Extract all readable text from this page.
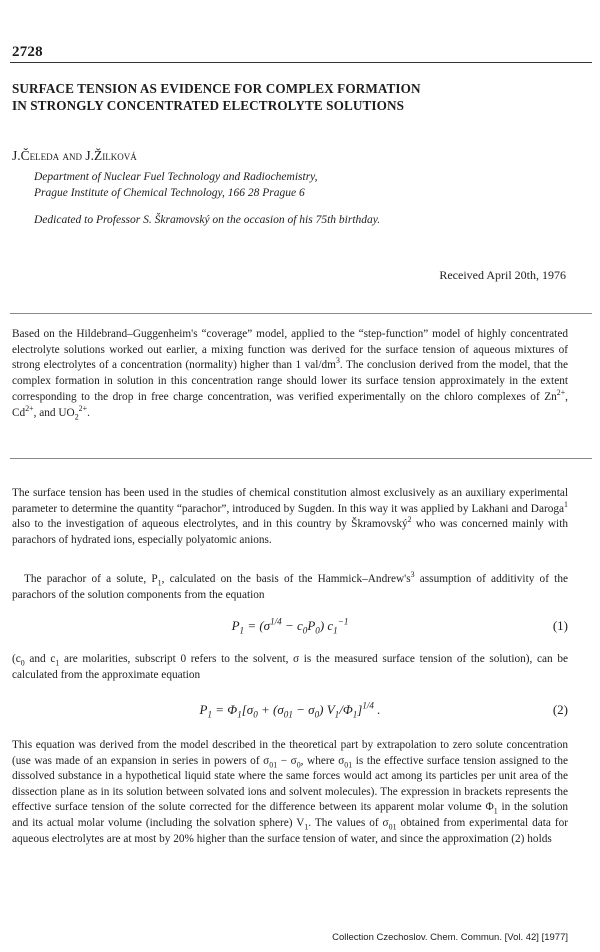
2728
SURFACE TENSION AS EVIDENCE FOR COMPLEX FORMATION
IN STRONGLY CONCENTRATED ELECTROLYTE SOLUTIONS
J.Čeleda and J.Žilková
Department of Nuclear Fuel Technology and Radiochemistry,
Prague Institute of Chemical Technology, 166 28 Prague 6
Dedicated to Professor S. Škramovský on the occasion of his 75th birthday.
Received April 20th, 1976
Based on the Hildebrand–Guggenheim's “coverage” model, applied to the “step-function” model of highly concentrated electrolyte solutions worked out earlier, a mixing function was derived for the surface tension of aqueous mixtures of strong electrolytes of a concentration (normality) higher than 1 val/$dm^3$. The conclusion derived from the model, that the complex formation in solution in this concentration range should lower its surface tension approximately in the extent corresponding to the drop in free charge concentration, was verified experimentally on the chloro complexes of $Zn^{2+}$, $Cd^{2+}$, and $UO_2^{2+}$.
The surface tension has been used in the studies of chemical constitution almost exclusively as an auxiliary experimental parameter to determine the quantity “parachor”, introduced by Sugden. In this way it was applied by Lakhani and Daroga$^1$ also to the investigation of aqueous electrolytes, and in this country by Škramovský$^2$ who was concerned mainly with parachors of hydrated ions, especially polyatomic anions.
The parachor of a solute, $P_1$, calculated on the basis of the Hammick–$Andrew's^3$ assumption of additivity of the parachors of the solution components from the equation
$P_1 = (\sigma^{1/4} - c_0P_0)$ $c_1^{-1}$	(1)
($c_0$ and $c_1$ are molarities, subscript 0 refers to the solvent, σ is the measured surface tension of the solution), can be calculated from the approximate equation
$P_1 = \Phi_1[\sigma_0 + (\sigma_{01} - \sigma_0)$ $V_1/\Phi_1]^{1/4}$ .	(2)
This equation was derived from the model described in the theoretical part by extrapolation to zero solute concentration (use was made of an expansion in series in powers of $\sigma_{01} - \sigma_0$, where $\sigma_{01}$ is the effective surface tension assigned to the dissolved substance in a hypothetical liquid state where the same forces would act among its particles per unit area of the dissection plane as in its solution between solvated ions and solvent molecules). The expression in brackets represents the effective surface tension of the solute corrected for the difference between its apparent molar volume $\Phi_1$ in the solution and its actual molar volume (including the solvation sphere) $V_1$. The values of $\sigma_{01}$ obtained from experimental data for aqueous electrolytes are at most by 20% higher than the surface tension of water, and since the approximation (2) holds
Collection Czechoslov. Chem. Commun. [Vol. 42] [1977]
